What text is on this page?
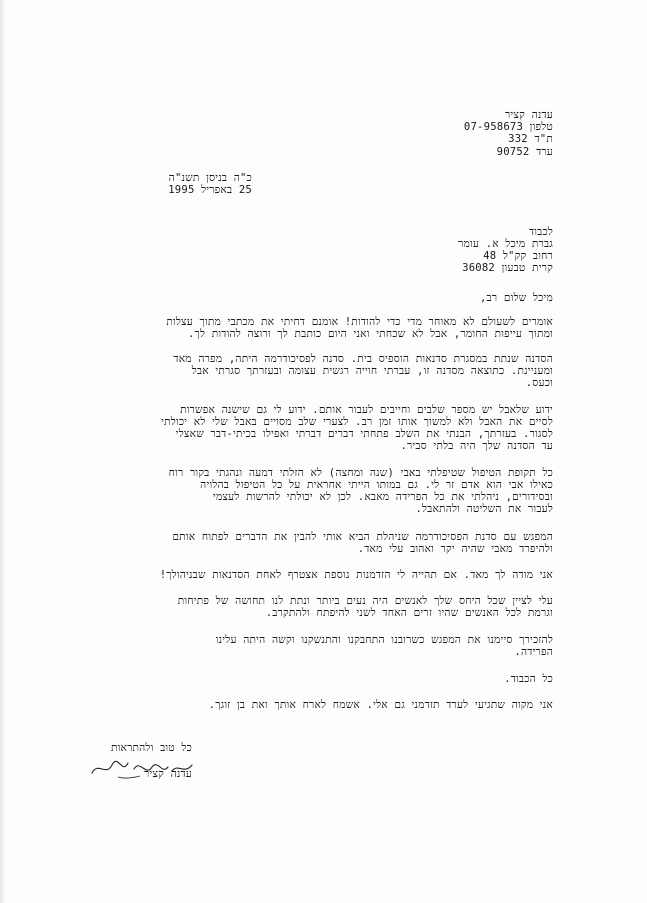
עדנה קציר
טלפון 07-958673
ת"ד 332
ערד 90752
כ"ה בניסן תשנ"ה
25 באפריל 1995
לכבוד
גברת מיכל א. עומר
רחוב קק"ל 48
קרית טבעון 36082
מיכל שלום רב,
אומרים לשעולם לא מאוחר מדי כדי להודות! אומנם דחיתי את מכתבי מתוך עצלות
ומתוך עייפות החומר, אבל לא שכחתי ואני היום כותבת לך ורוצה להודות לך.
הסדנה שנתת במסגרת סדנאות הוספיס בית. סדנה לפסיכודרמה היתה, מפרה מאד
ומעניינת. כתוצאה מסדנה זו, עברתי חוייה רגשית עצומה ובעזרתך סגרתי אבל
וכעס.
ידוע שלאבל יש מספר שלבים וחייבים לעבור אותם. ידוע לי גם שישנה אפשרות
לסיים את האבל ולא למשוך אותו זמן רב. לצערי שלב מסויים באבל שלי לא יכולתי
לסגור. בעזרתך, הבנתי את השלב פתחתי דברים דברתי ואפילו בכיתי-דבר שאצלי
עד הסדנה שלך היה בלתי סביר.
כל תקופת הטיפול שטיפלתי באבי (שנה ומחצה) לא הזלתי דמעה ונהגתי בקור רוח
כאילו אבי הוא אדם זר לי. גם במותו הייתי אחראית על כל הטיפול בהלויה
ובסידורים, ניהלתי את כל הפרידה מאבא. לכן לא יכולתי להרשות לעצמי
לעבור את השליטה ולהתאבל.
המפגש עם סדנת הפסיכודרמה שניהלת הביא אותי להבין את הדברים לפתוח אותם
ולהיפרד מאבי שהיה יקר ואהוב עלי מאד.
אני מודה לך מאד. אם תהייה לי הזדמנות נוספת אצטרף לאחת הסדנאות שבניהולך!
עלי לציין שכל היחס שלך לאנשים היה נעים ביותר ונתת לנו תחושה של פתיחות
וגרמת לכל האנשים שהיו זרים האחד לשני להיפתח ולהתקרב.
להזכירך סיימנו את המפגש כשרובנו התחבקנו והתנשקנו וקשה היתה עלינו
הפרידה.
כל הכבוד.
אני מקוה שתגיעי לערד תזדמני גם אלי. אשמח לארח אותך ואת בן זוגך.
כל טוב ולהתראות
עדנה קציר
